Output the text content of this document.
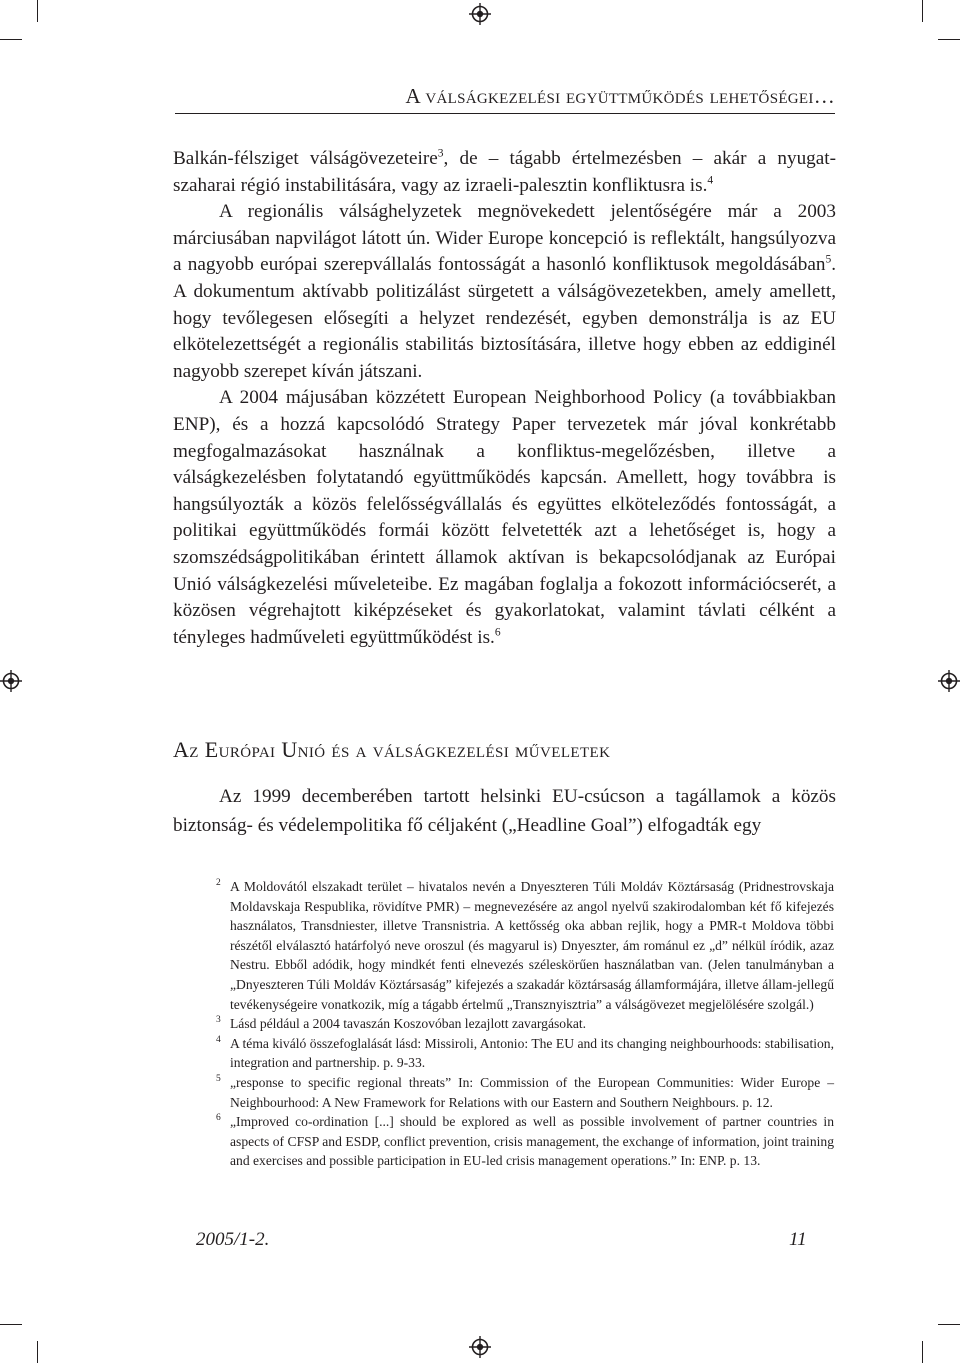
A válságkezelési együttműködés lehetőségei…

Balkán-félsziget válságövezeteire$^3$, de – tágabb értelmezésben – akár a nyugat-szaharai régió instabilitására, vagy az izraeli-palesztin konfliktusra is.$^4$

A regionális válsághelyzetek megnövekedett jelentőségére már a 2003 márciusában napvilágot látott ún. Wider Europe koncepció is reflektált, hangsúlyozva a nagyobb európai szerepvállalás fontosságát a hasonló konfliktusok megoldásában$^5$. A dokumentum aktívabb politizálást sürgetett a válságövezetekben, amely amellett, hogy tevőlegesen elősegíti a helyzet rendezését, egyben demonstrálja is az EU elkötelezettségét a regionális stabilitás biztosítására, illetve hogy ebben az eddiginél nagyobb szerepet kíván játszani.

A 2004 májusában közzétett European Neighborhood Policy (a továbbiakban ENP), és a hozzá kapcsolódó Strategy Paper tervezetek már jóval konkrétabb megfogalmazásokat használnak a konfliktus-megelőzésben, illetve a válságkezelésben folytatandó együttműködés kapcsán. Amellett, hogy továbbra is hangsúlyozták a közös felelősségvállalás és együttes elköteleződés fontosságát, a politikai együttműködés formái között felvetették azt a lehetőséget is, hogy a szomszédságpolitikában érintett államok aktívan is bekapcsolódjanak az Európai Unió válságkezelési műveleteibe. Ez magában foglalja a fokozott információcserét, a közösen végrehajtott kiképzéseket és gyakorlatokat, valamint távlati célként a tényleges hadműveleti együttműködést is.$^6$

Az Európai Unió és a válságkezelési műveletek

Az 1999 decemberében tartott helsinki EU-csúcson a tagállamok a közös biztonság- és védelempolitika fő céljaként („Headline Goal”) elfogadták egy

2 A Moldovától elszakadt terület – hivatalos nevén a Dnyeszteren Túli Moldáv Köztársaság (Pridnestrovskaja Moldavskaja Respublika, rövidítve PMR) – megnevezésére az angol nyelvű szakirodalomban két fő kifejezés használatos, Transdniester, illetve Transnistria. A kettősség oka abban rejlik, hogy a PMR-t Moldova többi részétől elválasztó határfolyó neve oroszul (és magyarul is) Dnyeszter, ám románul ez „d” nélkül íródik, azaz Nestru. Ebből adódik, hogy mindkét fenti elnevezés széleskörűen használatban van. (Jelen tanulmányban a „Dnyeszteren Túli Moldáv Köztársaság” kifejezés a szakadár köztársaság államformájára, illetve állam-jellegű tevékenységeire vonatkozik, míg a tágabb értelmű „Transznyisztria” a válságövezet megjelölésére szolgál.)

3 Lásd például a 2004 tavaszán Koszovóban lezajlott zavargásokat.

4 A téma kiváló összefoglalását lásd: Missiroli, Antonio: The EU and its changing neighbourhoods: stabilisation, integration and partnership. p. 9-33.

5 „response to specific regional threats” In: Commission of the European Communities: Wider Europe – Neighbourhood: A New Framework for Relations with our Eastern and Southern Neighbours. p. 12.

6 „Improved co-ordination [...] should be explored as well as possible involvement of partner countries in aspects of CFSP and ESDP, conflict prevention, crisis management, the exchange of information, joint training and exercises and possible participation in EU-led crisis management operations.” In: ENP. p. 13.

2005/1-2.	11
